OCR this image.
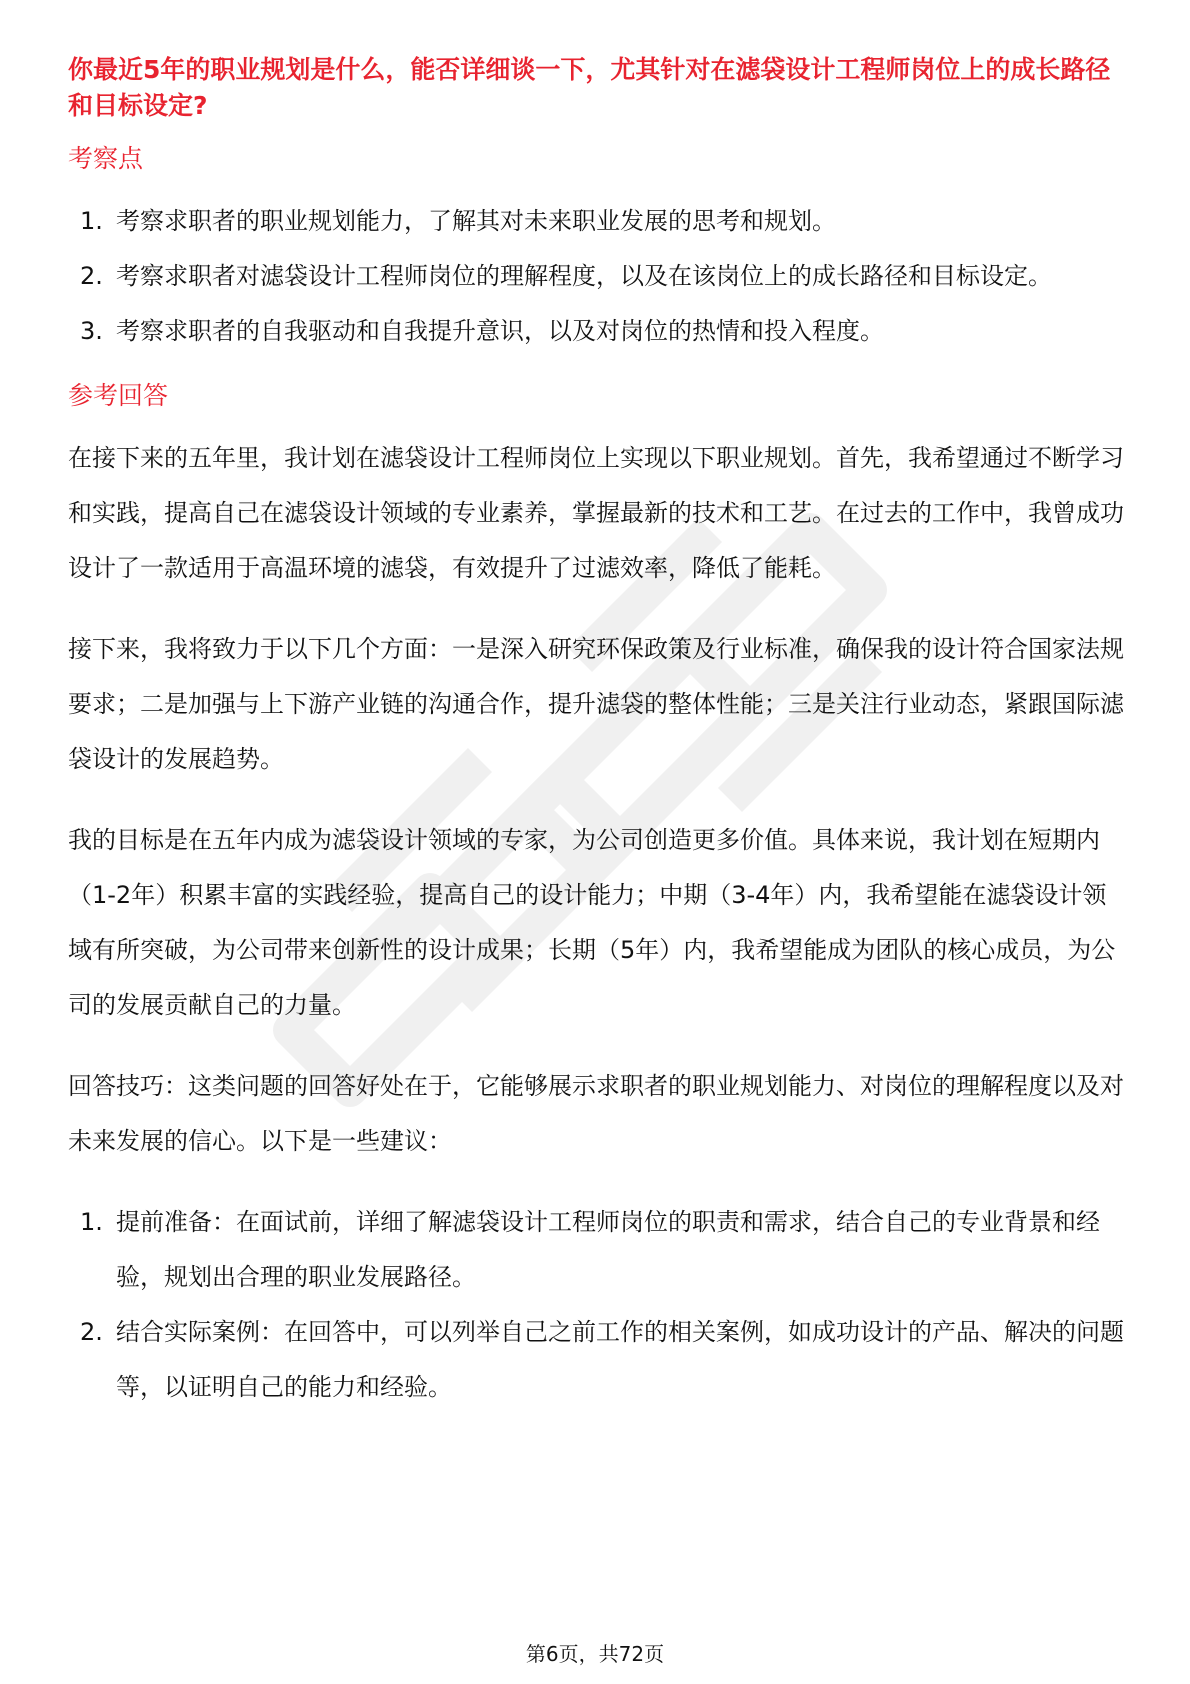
你最近5年的职业规划是什么，能否详细谈一下，尤其针对在滤袋设计工程师岗位上的成长路径和目标设定?

考察点
1. 考察求职者的职业规划能力，了解其对未来职业发展的思考和规划。
2. 考察求职者对滤袋设计工程师岗位的理解程度，以及在该岗位上的成长路径和目标设定。
3. 考察求职者的自我驱动和自我提升意识，以及对岗位的热情和投入程度。
参考回答

在接下来的五年里，我计划在滤袋设计工程师岗位上实现以下职业规划。首先，我希望通过不断学习和实践，提高自己在滤袋设计领域的专业素养，掌握最新的技术和工艺。在过去的工作中，我曾成功设计了一款适用于高温环境的滤袋，有效提升了过滤效率，降低了能耗。

接下来，我将致力于以下几个方面：一是深入研究环保政策及行业标准，确保我的设计符合国家法规要求；二是加强与上下游产业链的沟通合作，提升滤袋的整体性能；三是关注行业动态，紧跟国际滤袋设计的发展趋势。

我的目标是在五年内成为滤袋设计领域的专家，为公司创造更多价值。具体来说，我计划在短期内（1-2年）积累丰富的实践经验，提高自己的设计能力；中期（3-4年）内，我希望能在滤袋设计领域有所突破，为公司带来创新性的设计成果；长期（5年）内，我希望能成为团队的核心成员，为公司的发展贡献自己的力量。

回答技巧：这类问题的回答好处在于，它能够展示求职者的职业规划能力、对岗位的理解程度以及对未来发展的信心。以下是一些建议：

1. 提前准备：在面试前，详细了解滤袋设计工程师岗位的职责和需求，结合自己的专业背景和经验，规划出合理的职业发展路径。
2. 结合实际案例：在回答中，可以列举自己之前工作的相关案例，如成功设计的产品、解决的问题等，以证明自己的能力和经验。
第6页，共72页
